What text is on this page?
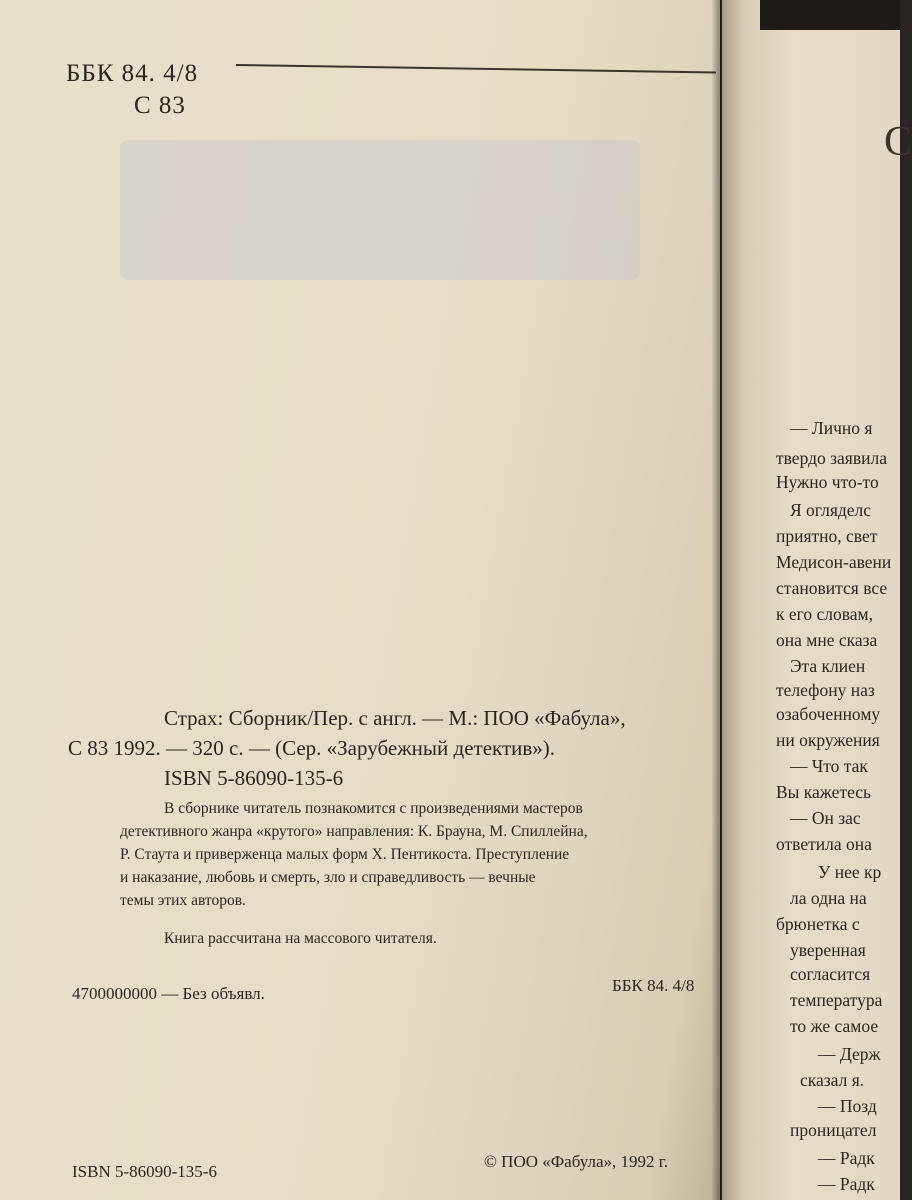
ББК 84. 4/8
С 83
Страх: Сборник/Пер. с англ. — М.: ПОО «Фабула»,
С 83 1992. — 320 с. — (Сер. «Зарубежный детектив»).
ISBN 5-86090-135-6
В сборнике читатель познакомится с произведениями мастеров
детективного жанра «крутого» направления: К. Брауна, М. Спиллейна,
Р. Стаута и приверженца малых форм Х. Пентикоста. Преступление
и наказание, любовь и смерть, зло и справедливость — вечные
темы этих авторов.
Книга рассчитана на массового читателя.
4700000000 — Без объявл.	ББК 84. 4/8
ISBN 5-86090-135-6
© ПОО «Фабула», 1992 г.
С
— Лично я
твердо заявила
Нужно что-то
Я огляделс
приятно, свет
Медисон-авени
становится все
к его словам,
она мне сказа
Эта клиен
телефону наз
озабоченному
ни окружения
— Что так
Вы кажетесь
— Он зас
ответила она
У нее кр
ла одна на
брюнетка с
уверенная
согласится
температура
то же самое
— Держ
сказал я.
— Позд
проницател
— Радк
— Радк
